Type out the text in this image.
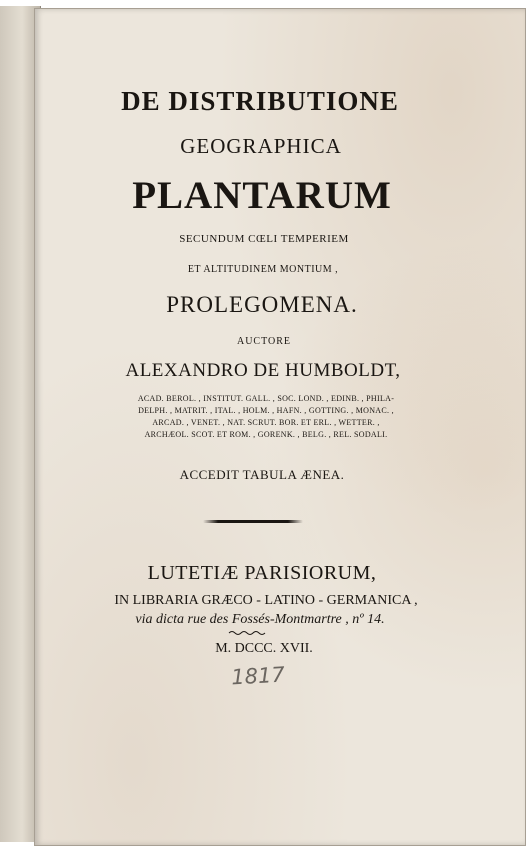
DE DISTRIBUTIONE
GEOGRAPHICA
PLANTARUM
SECUNDUM CŒLI TEMPERIEM
ET ALTITUDINEM MONTIUM ,
PROLEGOMENA.
AUCTORE
ALEXANDRO DE HUMBOLDT,
ACAD. BEROL. , INSTITUT. GALL. , SOC. LOND. , EDINB. , PHILA-
DELPH. , MATRIT. , ITAL. , HOLM. , HAFN. , GOTTING. , MONAC. ,
ARCAD. , VENET. , NAT. SCRUT. BOR. ET ERL. , WETTER. ,
ARCHÆOL. SCOT. ET ROM. , GORENK. , BELG. , REL. SODALI.
ACCEDIT TABULA ÆNEA.
LUTETIÆ PARISIORUM,
IN LIBRARIA GRÆCO - LATINO - GERMANICA ,
via dicta rue des Fossés-Montmartre , nº 14.
M. DCCC. XVII.
1817
